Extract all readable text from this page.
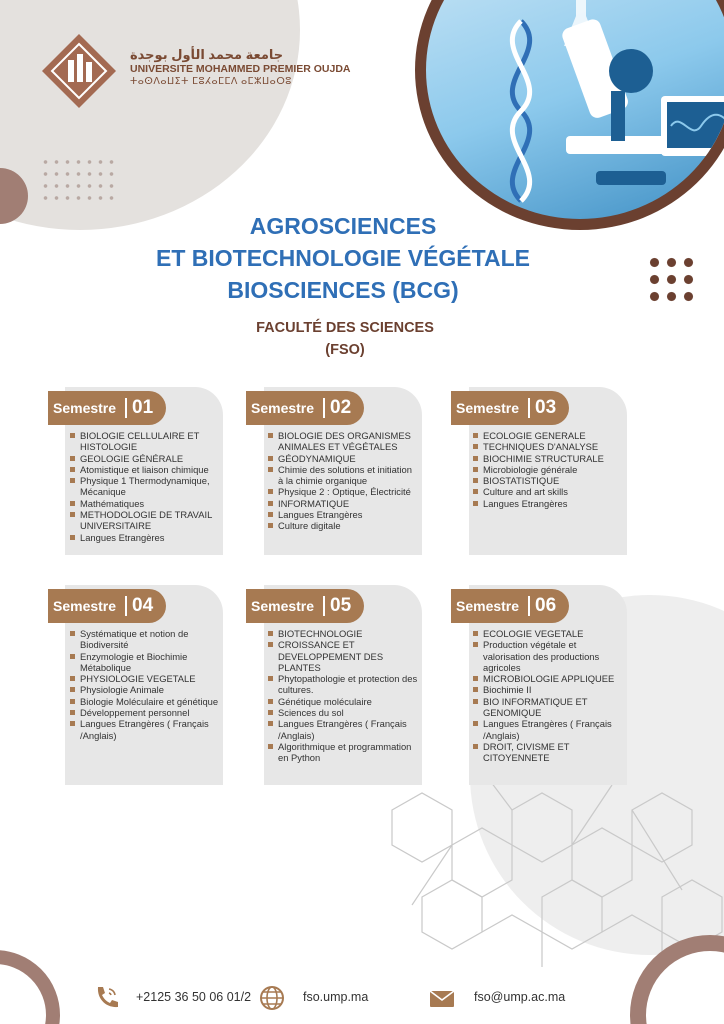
جامعة محمد الأول بوجدة
UNIVERSITE MOHAMMED PREMIER OUJDA
ⵜⴰⵙⴷⴰⵡⵉⵜ ⵎⵓⵃⴰⵎⵎⴷ ⴰⵎⵣⵡⴰⵔⵓ
AGROSCIENCES
ET BIOTECHNOLOGIE VÉGÉTALE
BIOSCIENCES (BCG)
FACULTÉ DES SCIENCES
(FSO)
Semestre 01	Semestre 02	Semestre 03
Semestre 04	Semestre 05	Semestre 06
BIOLOGIE CELLULAIRE ET HISTOLOGIE
GEOLOGIE GÉNÉRALE
Atomistique et liaison chimique
Physique 1 Thermodynamique, Mécanique
Mathématiques
METHODOLOGIE DE TRAVAIL UNIVERSITAIRE
Langues Etrangères
BIOLOGIE DES ORGANISMES ANIMALES ET VÉGÉTALES
GÉODYNAMIQUE
Chimie des solutions et initiation à la chimie organique
Physique 2 : Optique, Électricité
INFORMATIQUE
Langues Etrangères
Culture digitale
ECOLOGIE GENERALE
TECHNIQUES D'ANALYSE
BIOCHIMIE STRUCTURALE
Microbiologie générale
BIOSTATISTIQUE
Culture and art skills
Langues Etrangères
Systématique et notion de Biodiversité
Enzymologie et Biochimie Métabolique
PHYSIOLOGIE VEGETALE
Physiologie Animale
Biologie Moléculaire et génétique
Développement personnel
Langues Etrangères ( Français /Anglais)
BIOTECHNOLOGIE
CROISSANCE ET DEVELOPPEMENT DES PLANTES
Phytopathologie et protection des cultures.
Génétique moléculaire
Sciences du sol
Langues Etrangères ( Français /Anglais)
Algorithmique et programmation en Python
ECOLOGIE VEGETALE
Production végétale et valorisation des productions agricoles
MICROBIOLOGIE APPLIQUEE
Biochimie II
BIO INFORMATIQUE ET GENOMIQUE
Langues Etrangères ( Français /Anglais)
DROIT, CIVISME ET CITOYENNETE
+2125 36 50 06 01/2	fso.ump.ma	fso@ump.ac.ma
